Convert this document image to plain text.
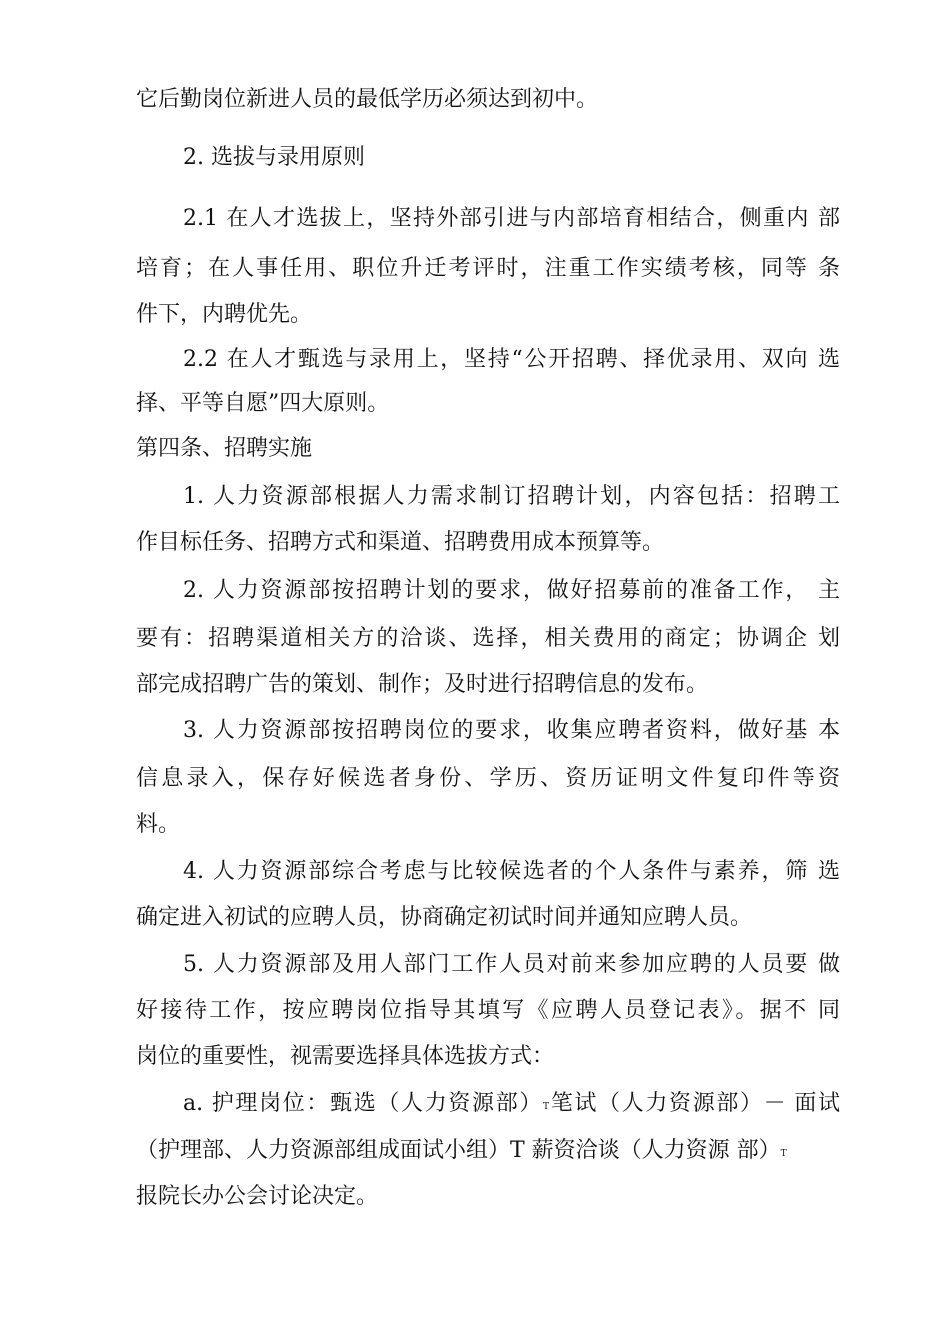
它后勤岗位新进人员的最低学历必须达到初中。
2. 选拔与录用原则
2.1 在人才选拔上，坚持外部引进与内部培育相结合，侧重内 部
培育；在人事任用、职位升迁考评时，注重工作实绩考核，同等 条
件下，内聘优先。
2.2 在人才甄选与录用上，坚持“公开招聘、择优录用、双向 选
择、平等自愿”四大原则。
第四条、招聘实施
1. 人力资源部根据人力需求制订招聘计划，内容包括：招聘工
作目标任务、招聘方式和渠道、招聘费用成本预算等。
2. 人力资源部按招聘计划的要求，做好招募前的准备工作， 主
要有：招聘渠道相关方的洽谈、选择，相关费用的商定；协调企 划
部完成招聘广告的策划、制作；及时进行招聘信息的发布。
3. 人力资源部按招聘岗位的要求，收集应聘者资料，做好基 本
信息录入，保存好候选者身份、学历、资历证明文件复印件等资
料。
4. 人力资源部综合考虑与比较候选者的个人条件与素养，筛 选
确定进入初试的应聘人员，协商确定初试时间并通知应聘人员。
5. 人力资源部及用人部门工作人员对前来参加应聘的人员要 做
好接待工作，按应聘岗位指导其填写《应聘人员登记表》。据不 同
岗位的重要性，视需要选择具体选拔方式：
a. 护理岗位：甄选（人力资源部）T笔试（人力资源部）－ 面试
（护理部、人力资源部组成面试小组）T 薪资洽谈（人力资源 部）T
报院长办公会讨论决定。
